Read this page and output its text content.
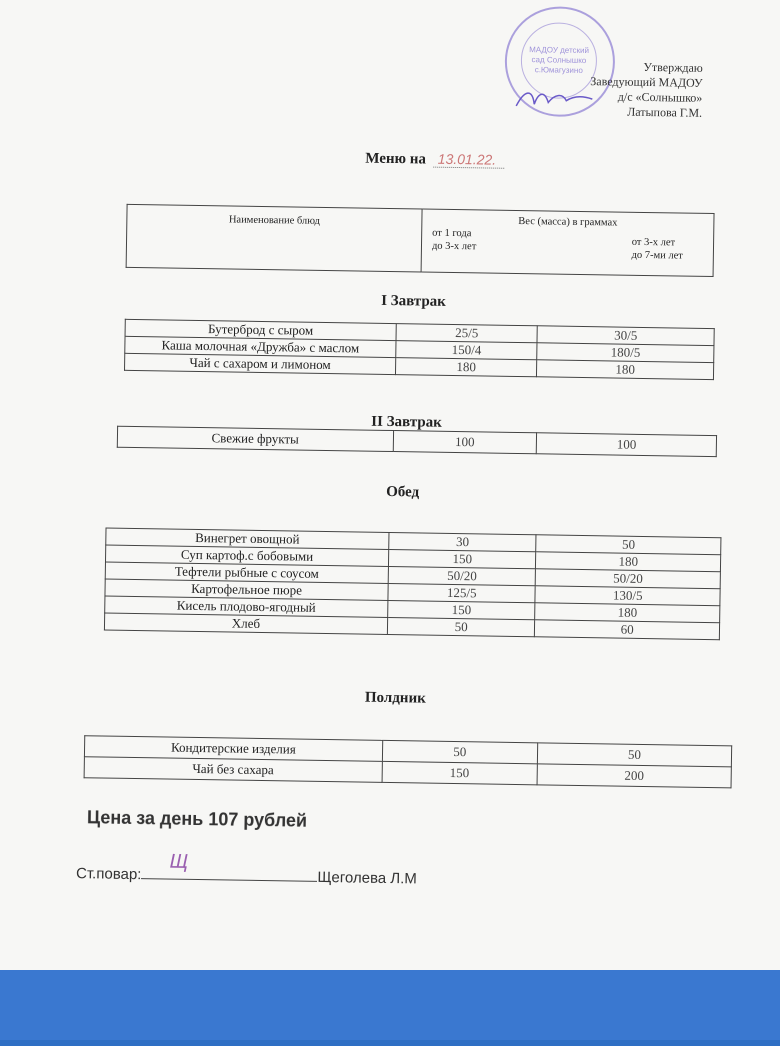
МАДОУ детский сад Солнышко с.Юмагузино	Утверждаю
Заведующий МАДОУ
д/с «Солнышко»
Латыпова Г.М.
Меню на 13.01.22.
Наименование блюд	Вес (масса) в граммах
от 1 года
до 3-х лет	от 3-х лет
до 7-ми лет
I Завтрак
Бутерброд с сыром	25/5	30/5
Каша молочная «Дружба» с маслом	150/4	180/5
Чай с сахаром и лимоном	180	180
II Завтрак
Свежие фрукты	100	100
Обед
Винегрет овощной	30	50
Суп картоф.с бобовыми	150	180
Тефтели рыбные с соусом	50/20	50/20
Картофельное пюре	125/5	130/5
Кисель плодово-ягодный	150	180
Хлеб	50	60
Полдник
Кондитерские изделия	50	50
Чай без сахара	150	200
Цена за день 107 рублей
Ст.повар:
Щ
Щеголева Л.М
